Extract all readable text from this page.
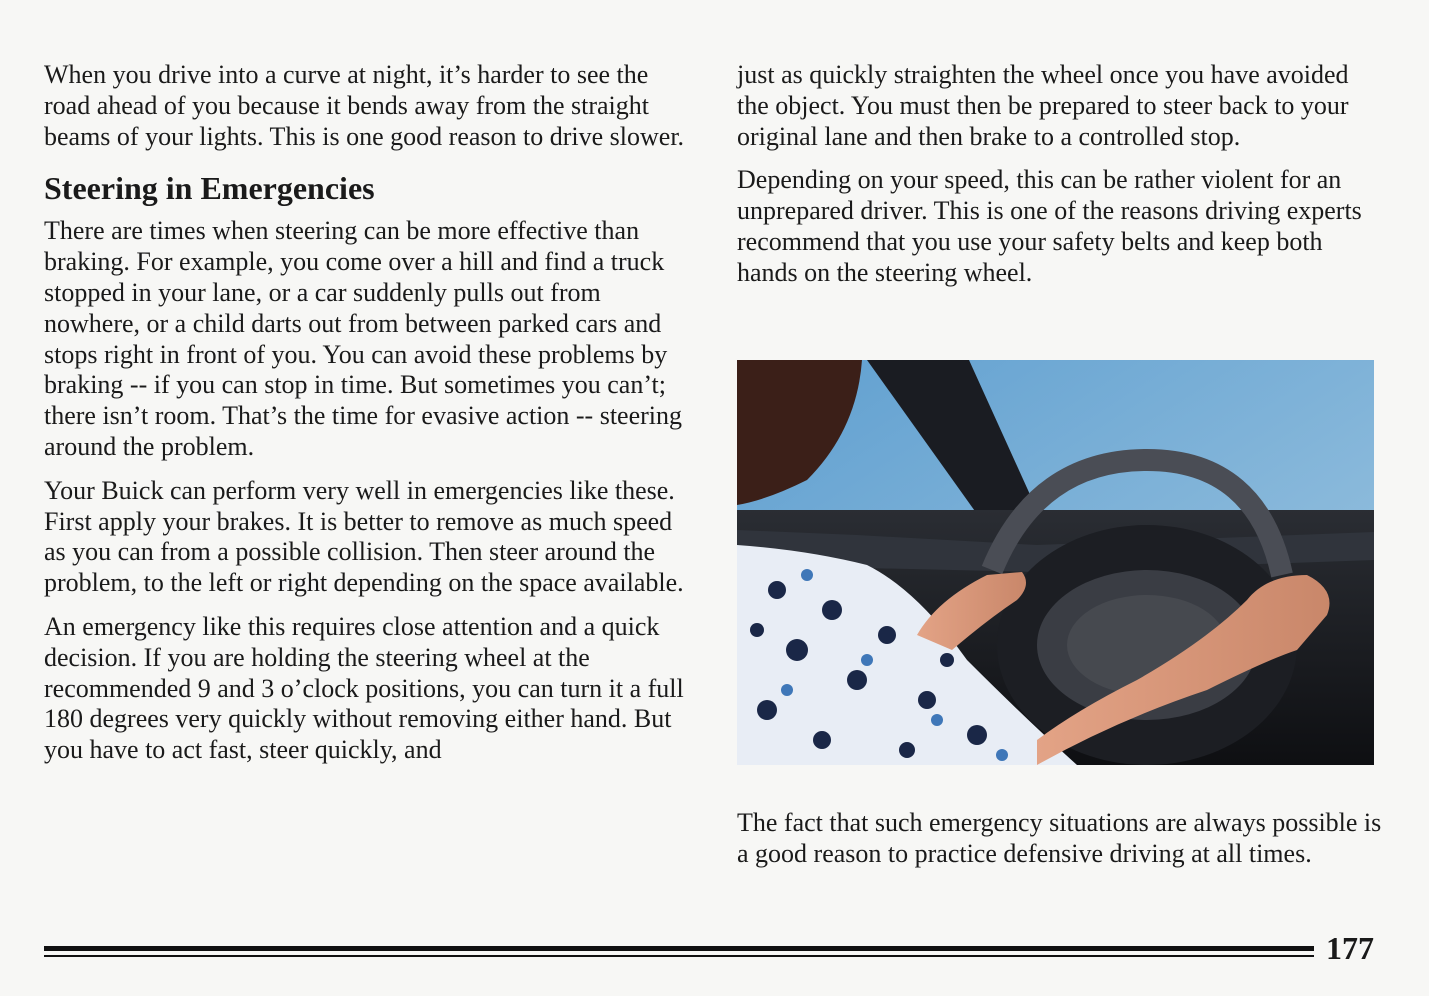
When you drive into a curve at night, it’s harder to see the road ahead of you because it bends away from the straight beams of your lights. This is one good reason to drive slower.

Steering in Emergencies

There are times when steering can be more effective than braking. For example, you come over a hill and find a truck stopped in your lane, or a car suddenly pulls out from nowhere, or a child darts out from between parked cars and stops right in front of you. You can avoid these problems by braking -- if you can stop in time. But sometimes you can’t; there isn’t room. That’s the time for evasive action -- steering around the problem.

Your Buick can perform very well in emergencies like these. First apply your brakes. It is better to remove as much speed as you can from a possible collision. Then steer around the problem, to the left or right depending on the space available.

An emergency like this requires close attention and a quick decision. If you are holding the steering wheel at the recommended 9 and 3 o’clock positions, you can turn it a full 180 degrees very quickly without removing either hand. But you have to act fast, steer quickly, and

just as quickly straighten the wheel once you have avoided the object. You must then be prepared to steer back to your original lane and then brake to a controlled stop.

Depending on your speed, this can be rather violent for an unprepared driver. This is one of the reasons driving experts recommend that you use your safety belts and keep both hands on the steering wheel.

The fact that such emergency situations are always possible is a good reason to practice defensive driving at all times.

177
